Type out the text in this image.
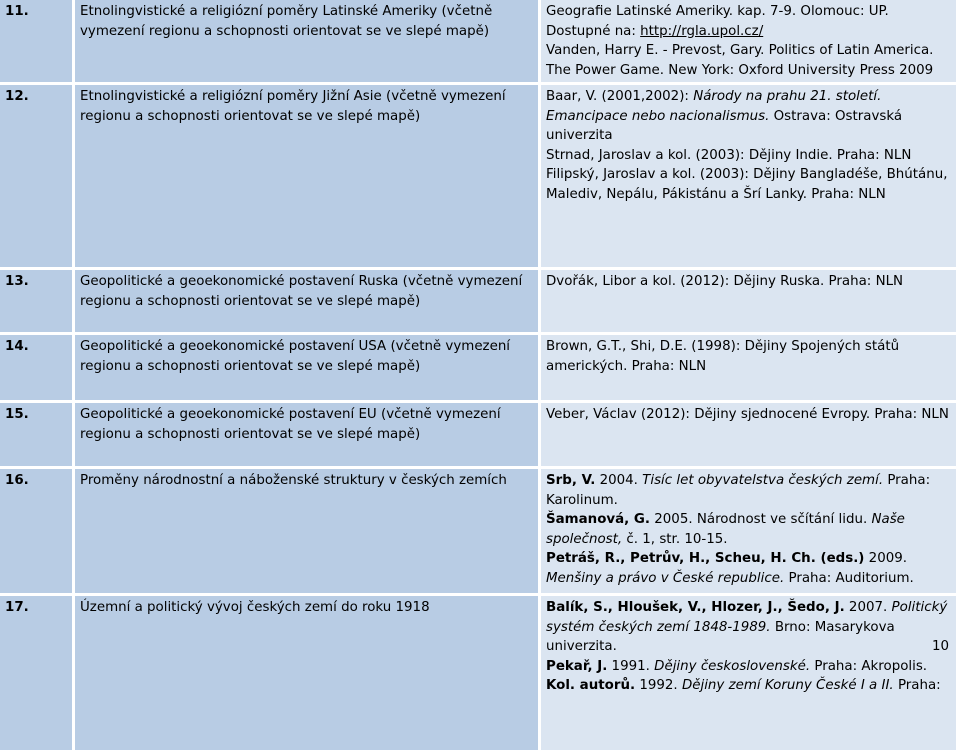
11.	Etnolingvistické a religiózní poměry Latinské Ameriky (včetně vymezení regionu a schopnosti orientovat se ve slepé mapě)	Geografie Latinské Ameriky. kap. 7-9. Olomouc: UP. Dostupné na: http://rgla.upol.cz/
Vanden, Harry E. - Prevost, Gary. Politics of Latin America. The Power Game. New York: Oxford University Press 2009

12.	Etnolingvistické a religiózní poměry Jižní Asie (včetně vymezení regionu a schopnosti orientovat se ve slepé mapě)	Baar, V. (2001,2002): Národy na prahu 21. století. Emancipace nebo nacionalismus. Ostrava: Ostravská univerzita
Strnad, Jaroslav a kol. (2003): Dějiny Indie. Praha: NLN
Filipský, Jaroslav a kol. (2003): Dějiny Bangladéše, Bhútánu, Malediv, Nepálu, Pákistánu a Šrí Lanky. Praha: NLN

13.	Geopolitické a geoekonomické postavení Ruska (včetně vymezení regionu a schopnosti orientovat se ve slepé mapě)	Dvořák, Libor a kol. (2012): Dějiny Ruska. Praha: NLN

14.	Geopolitické a geoekonomické postavení USA (včetně vymezení regionu a schopnosti orientovat se ve slepé mapě)	Brown, G.T., Shi, D.E. (1998): Dějiny Spojených států amerických. Praha: NLN

15.	Geopolitické a geoekonomické postavení EU (včetně vymezení regionu a schopnosti orientovat se ve slepé mapě)	Veber, Václav (2012): Dějiny sjednocené Evropy. Praha: NLN

16.	Proměny národnostní a náboženské struktury v českých zemích	Srb, V. 2004. Tisíc let obyvatelstva českých zemí. Praha: Karolinum.
Šamanová, G. 2005. Národnost ve sčítání lidu. Naše společnost, č. 1, str. 10-15.
Petráš, R., Petrův, H., Scheu, H. Ch. (eds.) 2009. Menšiny a právo v České republice. Praha: Auditorium.

17.	Územní a politický vývoj českých zemí do roku 1918	Balík, S., Hloušek, V., Hlozer, J., Šedo, J. 2007. Politický systém českých zemí 1848-1989. Brno: Masarykova univerzita.
Pekař, J. 1991. Dějiny československé. Praha: Akropolis.
Kol. autorů. 1992. Dějiny zemí Koruny České I a II. Praha:
10
